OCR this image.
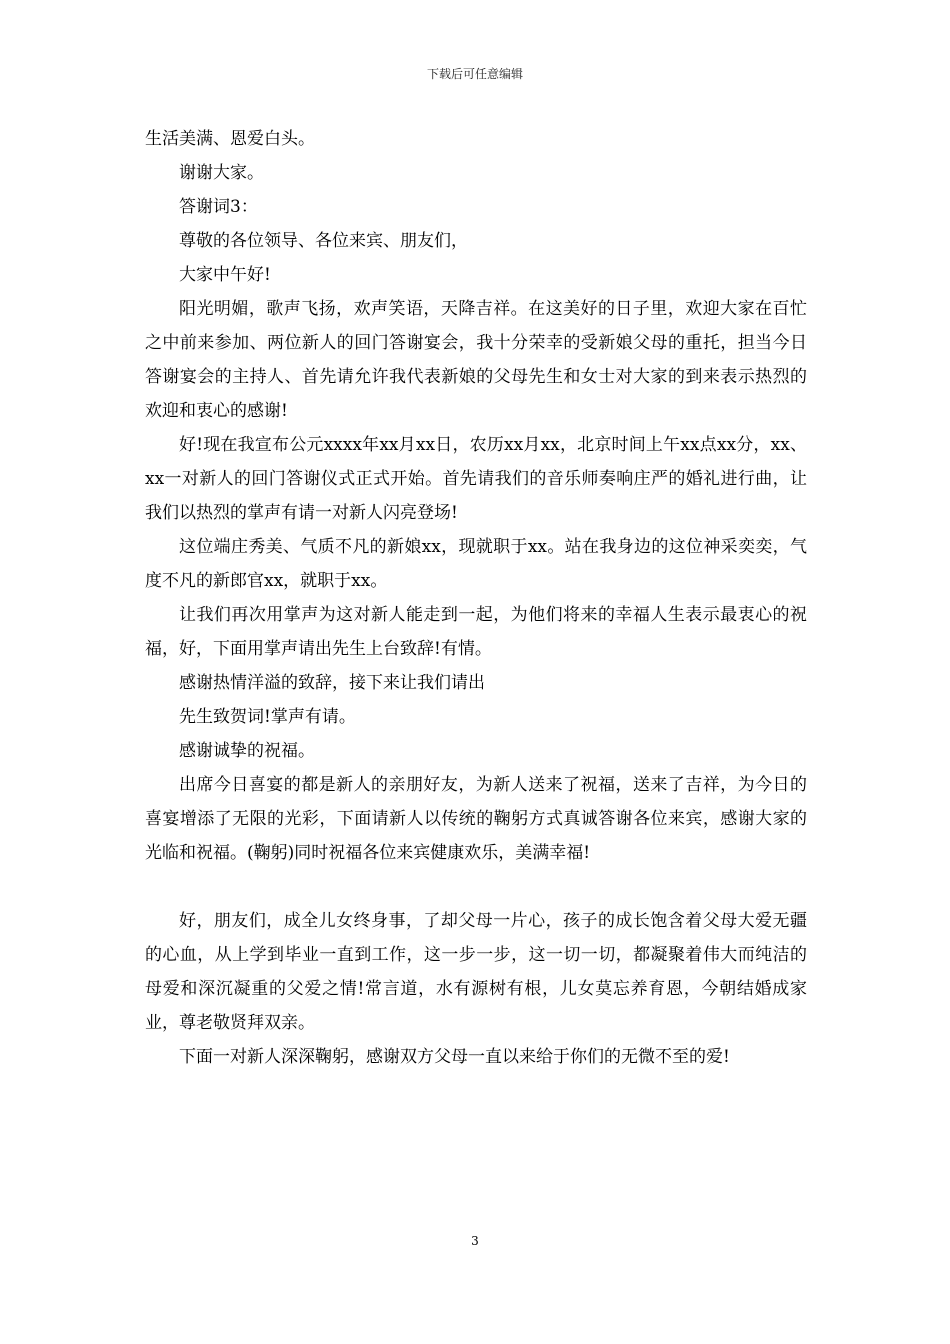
下载后可任意编辑

生活美满、恩爱白头。

谢谢大家。

答谢词3：

尊敬的各位领导、各位来宾、朋友们，

大家中午好!

阳光明媚，歌声飞扬，欢声笑语，天降吉祥。在这美好的日子里，欢迎大家在百忙之中前来参加、两位新人的回门答谢宴会，我十分荣幸的受新娘父母的重托，担当今日答谢宴会的主持人、首先请允许我代表新娘的父母先生和女士对大家的到来表示热烈的欢迎和衷心的感谢!

好!现在我宣布公元xxxx年xx月xx日，农历xx月xx，北京时间上午xx点xx分，xx、xx一对新人的回门答谢仪式正式开始。首先请我们的音乐师奏响庄严的婚礼进行曲，让我们以热烈的掌声有请一对新人闪亮登场!

这位端庄秀美、气质不凡的新娘xx，现就职于xx。站在我身边的这位神采奕奕，气度不凡的新郎官xx，就职于xx。

让我们再次用掌声为这对新人能走到一起，为他们将来的幸福人生表示最衷心的祝福，好，下面用掌声请出先生上台致辞!有情。

感谢热情洋溢的致辞，接下来让我们请出

先生致贺词!掌声有请。

感谢诚挚的祝福。

出席今日喜宴的都是新人的亲朋好友，为新人送来了祝福，送来了吉祥，为今日的喜宴增添了无限的光彩，下面请新人以传统的鞠躬方式真诚答谢各位来宾，感谢大家的光临和祝福。(鞠躬)同时祝福各位来宾健康欢乐，美满幸福!

好，朋友们，成全儿女终身事，了却父母一片心，孩子的成长饱含着父母大爱无疆的心血，从上学到毕业一直到工作，这一步一步，这一切一切，都凝聚着伟大而纯洁的母爱和深沉凝重的父爱之情!常言道，水有源树有根，儿女莫忘养育恩，今朝结婚成家业，尊老敬贤拜双亲。

下面一对新人深深鞠躬，感谢双方父母一直以来给于你们的无微不至的爱!

3
